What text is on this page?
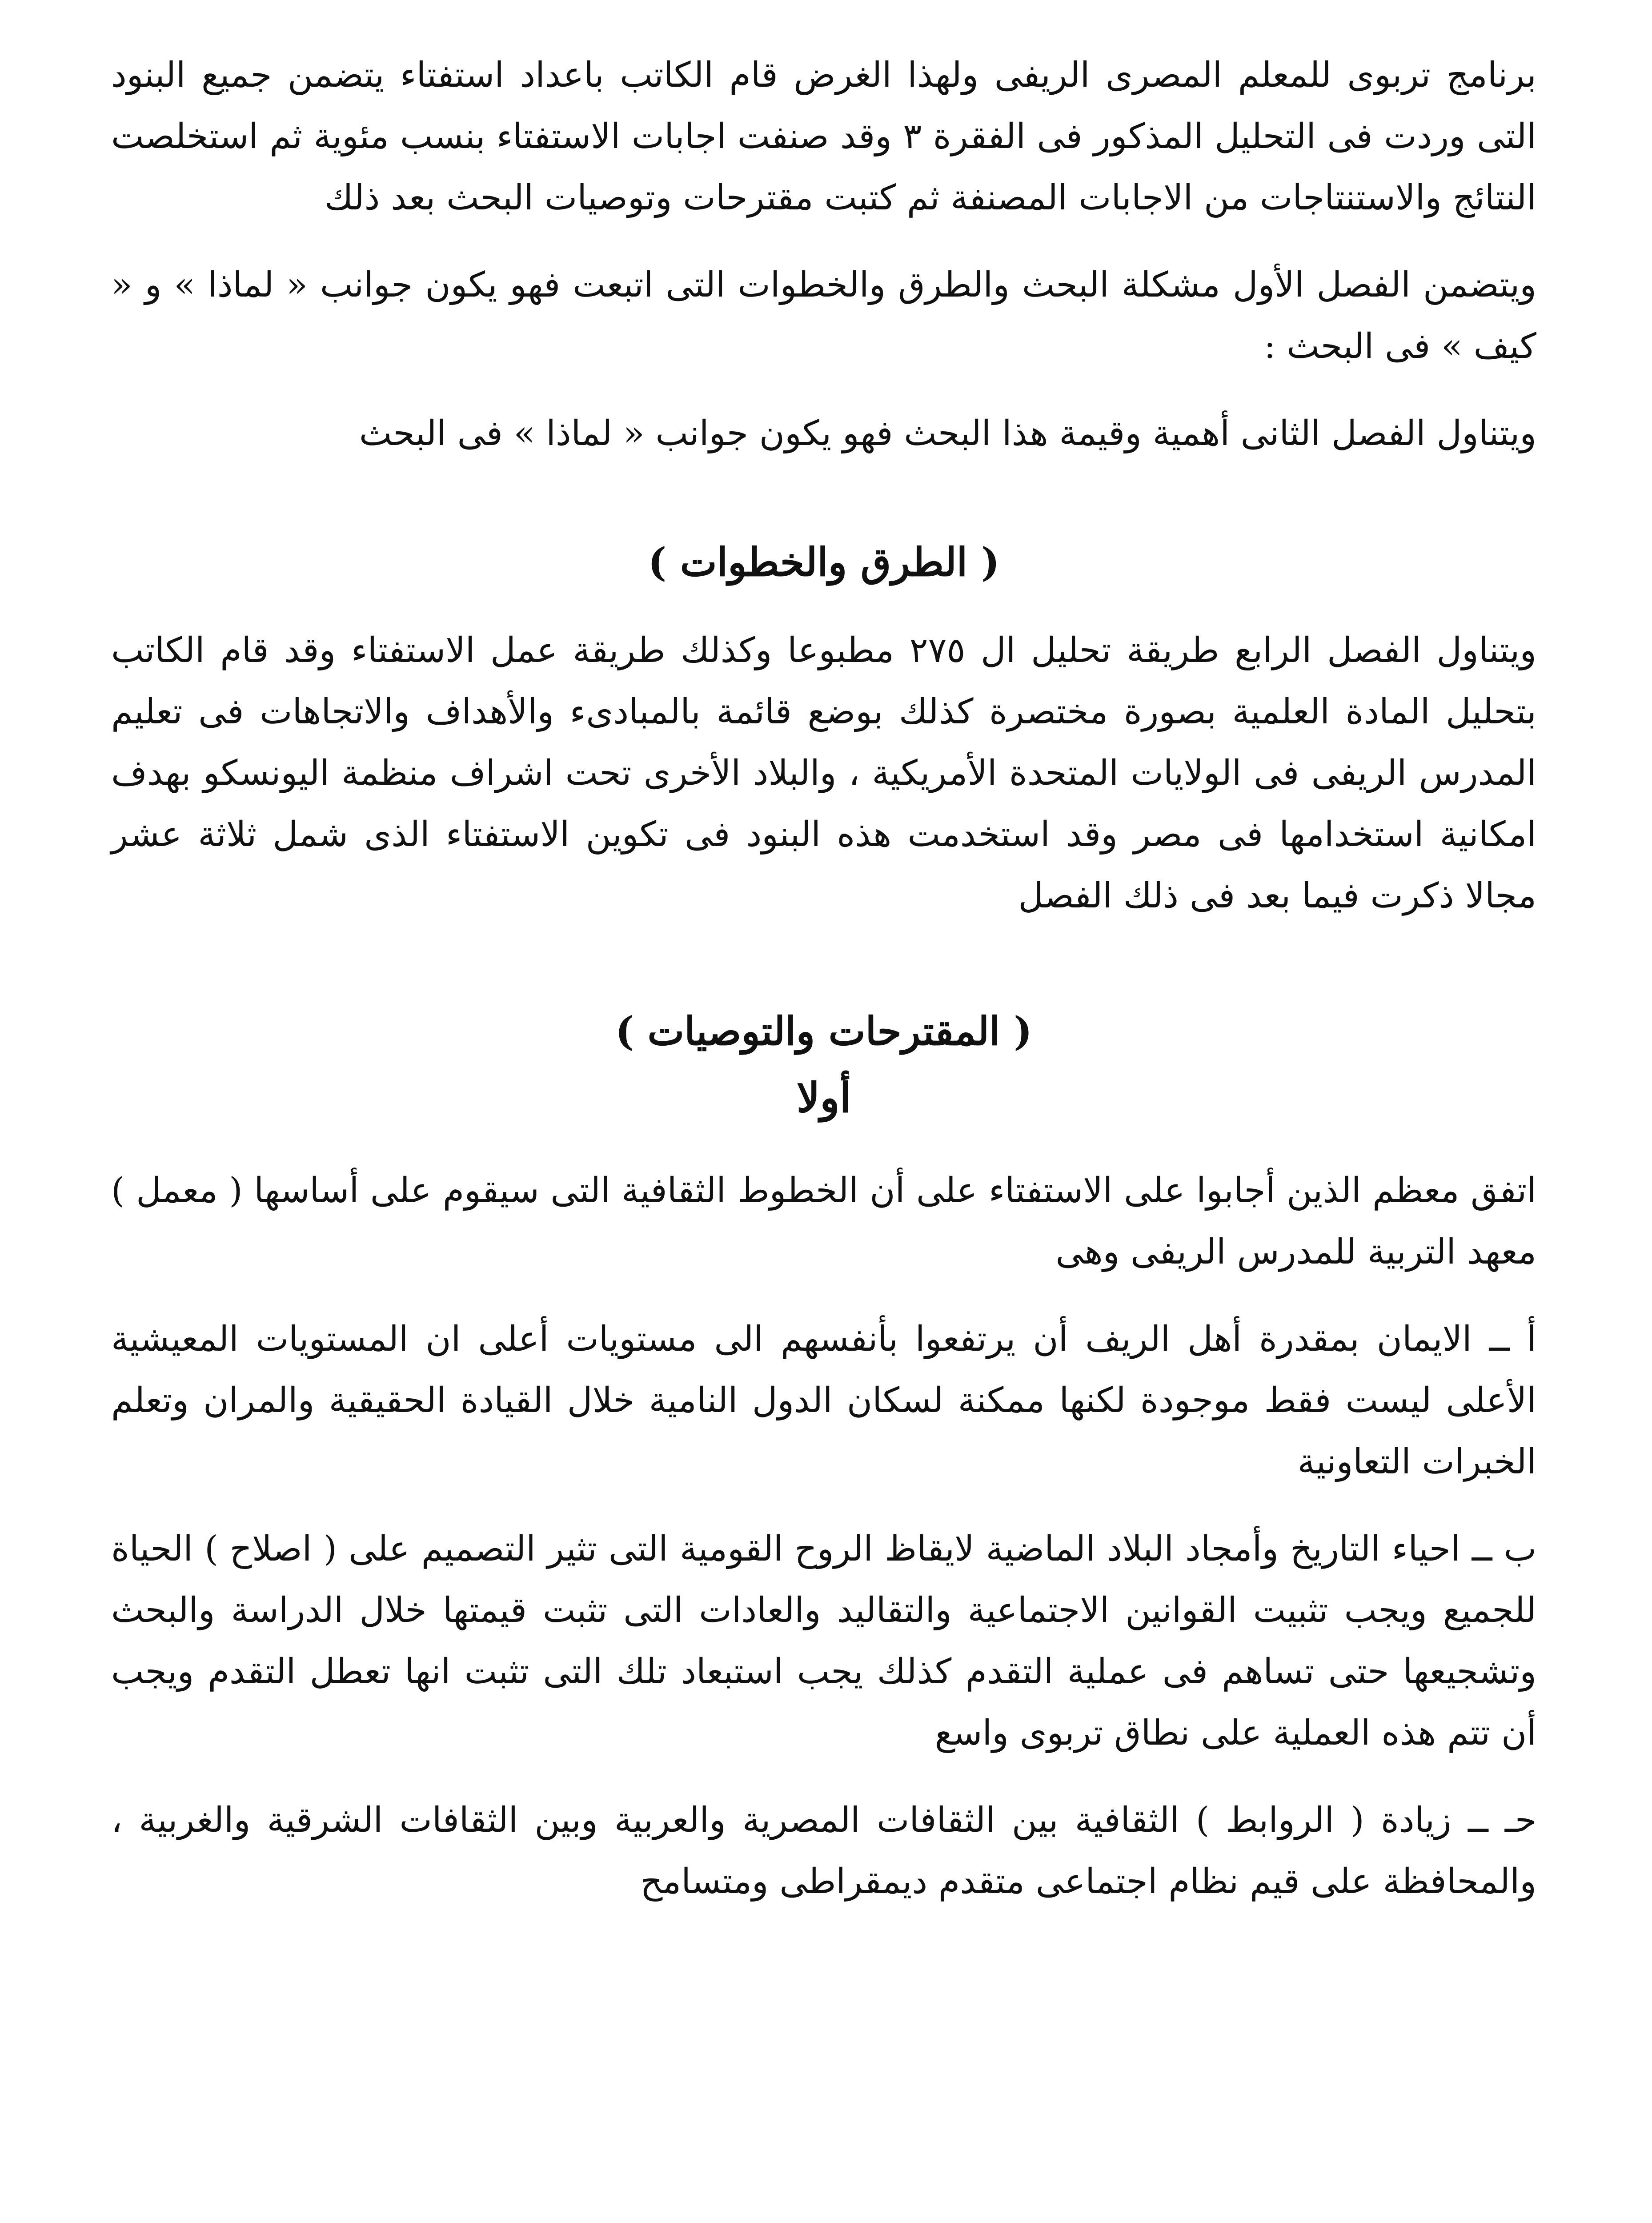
برنامج تربوى للمعلم المصرى الريفى ولهذا الغرض قام الكاتب باعداد استفتاء يتضمن جميع البنود التى وردت فى التحليل المذكور فى الفقرة ٣ وقد صنفت اجابات الاستفتاء بنسب مئوية ثم استخلصت النتائج والاستنتاجات من الاجابات المصنفة ثم كتبت مقترحات وتوصيات البحث بعد ذلك

ويتضمن الفصل الأول مشكلة البحث والطرق والخطوات التى اتبعت فهو يكون جوانب « لماذا » و « كيف » فى البحث :

ويتناول الفصل الثانى أهمية وقيمة هذا البحث فهو يكون جوانب « لماذا » فى البحث

( الطرق والخطوات )

ويتناول الفصل الرابع طريقة تحليل ال ٢٧٥ مطبوعا وكذلك طريقة عمل الاستفتاء وقد قام الكاتب بتحليل المادة العلمية بصورة مختصرة كذلك بوضع قائمة بالمبادىء والأهداف والاتجاهات فى تعليم المدرس الريفى فى الولايات المتحدة الأمريكية ، والبلاد الأخرى تحت اشراف منظمة اليونسكو بهدف امكانية استخدامها فى مصر وقد استخدمت هذه البنود فى تكوين الاستفتاء الذى شمل ثلاثة عشر مجالا ذكرت فيما بعد فى ذلك الفصل

( المقترحات والتوصيات )
أولا

اتفق معظم الذين أجابوا على الاستفتاء على أن الخطوط الثقافية التى سيقوم على أساسها ( معمل ) معهد التربية للمدرس الريفى وهى

أ ــ الايمان بمقدرة أهل الريف أن يرتفعوا بأنفسهم الى مستويات أعلى ان المستويات المعيشية الأعلى ليست فقط موجودة لكنها ممكنة لسكان الدول النامية خلال القيادة الحقيقية والمران وتعلم الخبرات التعاونية

ب ــ احياء التاريخ وأمجاد البلاد الماضية لايقاظ الروح القومية التى تثير التصميم على ( اصلاح ) الحياة للجميع ويجب تثبيت القوانين الاجتماعية والتقاليد والعادات التى تثبت قيمتها خلال الدراسة والبحث وتشجيعها حتى تساهم فى عملية التقدم كذلك يجب استبعاد تلك التى تثبت انها تعطل التقدم ويجب أن تتم هذه العملية على نطاق تربوى واسع

حـ ــ زيادة ( الروابط ) الثقافية بين الثقافات المصرية والعربية وبين الثقافات الشرقية والغربية ، والمحافظة على قيم نظام اجتماعى متقدم ديمقراطى ومتسامح
